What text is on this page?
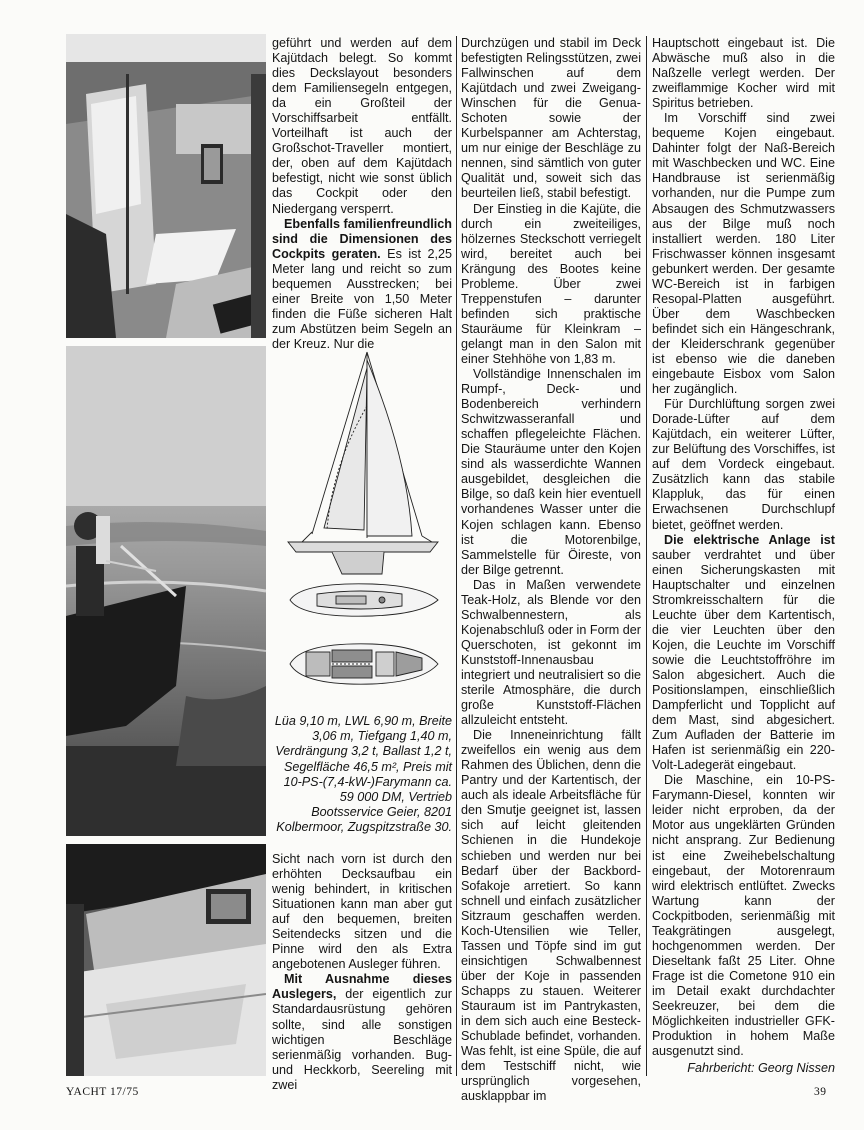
geführt und werden auf dem Kajütdach belegt. So kommt dies Deckslayout besonders dem Familiensegeln entgegen, da ein Großteil der Vorschiffsarbeit entfällt. Vorteilhaft ist auch der Großschot-Traveller montiert, der, oben auf dem Kajütdach befestigt, nicht wie sonst üblich das Cockpit oder den Niedergang versperrt.

Ebenfalls familienfreundlich sind die Dimensionen des Cockpits geraten. Es ist 2,25 Meter lang und reicht so zum bequemen Ausstrecken; bei einer Breite von 1,50 Meter finden die Füße sicheren Halt zum Abstützen beim Segeln an der Kreuz. Nur die

Lüa 9,10 m, LWL 6,90 m, Breite 3,06 m, Tiefgang 1,40 m, Verdrängung 3,2 t, Ballast 1,2 t, Segelfläche 46,5 m², Preis mit 10-PS-(7,4-kW-)Farymann ca. 59 000 DM, Vertrieb Bootsservice Geier, 8201 Kolbermoor, Zugspitzstraße 30.

Sicht nach vorn ist durch den erhöhten Decksaufbau ein wenig behindert, in kritischen Situationen kann man aber gut auf den bequemen, breiten Seitendecks sitzen und die Pinne wird den als Extra angebotenen Ausleger führen.

Mit Ausnahme dieses Auslegers, der eigentlich zur Standardausrüstung gehören sollte, sind alle sonstigen wichtigen Beschläge serienmäßig vorhanden. Bug- und Heckkorb, Seereling mit zwei

Durchzügen und stabil im Deck befestigten Relingsstützen, zwei Fallwinschen auf dem Kajütdach und zwei Zweigang-Winschen für die Genua-Schoten sowie der Kurbelspanner am Achterstag, um nur einige der Beschläge zu nennen, sind sämtlich von guter Qualität und, soweit sich das beurteilen ließ, stabil befestigt.

Der Einstieg in die Kajüte, die durch ein zweiteiliges, hölzernes Steckschott verriegelt wird, bereitet auch bei Krängung des Bootes keine Probleme. Über zwei Treppenstufen – darunter befinden sich praktische Stauräume für Kleinkram – gelangt man in den Salon mit einer Stehhöhe von 1,83 m.

Vollständige Innenschalen im Rumpf-, Deck- und Bodenbereich verhindern Schwitzwasseranfall und schaffen pflegeleichte Flächen. Die Stauräume unter den Kojen sind als wasserdichte Wannen ausgebildet, desgleichen die Bilge, so daß kein hier eventuell vorhandenes Wasser unter die Kojen schlagen kann. Ebenso ist die Motorenbilge, Sammelstelle für Öireste, von der Bilge getrennt.

Das in Maßen verwendete Teak-Holz, als Blende vor den Schwalbennestern, als Kojenabschluß oder in Form der Querschoten, ist gekonnt im Kunststoff-Innenausbau integriert und neutralisiert so die sterile Atmosphäre, die durch große Kunststoff-Flächen allzuleicht entsteht.

Die Inneneinrichtung fällt zweifellos ein wenig aus dem Rahmen des Üblichen, denn die Pantry und der Kartentisch, der auch als ideale Arbeitsfläche für den Smutje geeignet ist, lassen sich auf leicht gleitenden Schienen in die Hundekoje schieben und werden nur bei Bedarf über der Backbord-Sofakoje arretiert. So kann schnell und einfach zusätzlicher Sitzraum geschaffen werden. Koch-Utensilien wie Teller, Tassen und Töpfe sind im gut einsichtigen Schwalbennest über der Koje in passenden Schapps zu stauen. Weiterer Stauraum ist im Pantrykasten, in dem sich auch eine Besteck-Schublade befindet, vorhanden. Was fehlt, ist eine Spüle, die auf dem Testschiff nicht, wie ursprünglich vorgesehen, ausklappbar im

Hauptschott eingebaut ist. Die Abwäsche muß also in die Naßzelle verlegt werden. Der zweiflammige Kocher wird mit Spiritus betrieben.

Im Vorschiff sind zwei bequeme Kojen eingebaut. Dahinter folgt der Naß-Bereich mit Waschbecken und WC. Eine Handbrause ist serienmäßig vorhanden, nur die Pumpe zum Absaugen des Schmutzwassers aus der Bilge muß noch installiert werden. 180 Liter Frischwasser können insgesamt gebunkert werden. Der gesamte WC-Bereich ist in farbigen Resopal-Platten ausgeführt. Über dem Waschbecken befindet sich ein Hängeschrank, der Kleiderschrank gegenüber ist ebenso wie die daneben eingebaute Eisbox vom Salon her zugänglich.

Für Durchlüftung sorgen zwei Dorade-Lüfter auf dem Kajütdach, ein weiterer Lüfter, zur Belüftung des Vorschiffes, ist auf dem Vordeck eingebaut. Zusätzlich kann das stabile Klappluk, das für einen Erwachsenen Durchschlupf bietet, geöffnet werden.

Die elektrische Anlage ist sauber verdrahtet und über einen Sicherungskasten mit Hauptschalter und einzelnen Stromkreisschaltern für die Leuchte über dem Kartentisch, die vier Leuchten über den Kojen, die Leuchte im Vorschiff sowie die Leuchtstoffröhre im Salon abgesichert. Auch die Positionslampen, einschließlich Dampferlicht und Topplicht auf dem Mast, sind abgesichert. Zum Aufladen der Batterie im Hafen ist serienmäßig ein 220-Volt-Ladegerät eingebaut.

Die Maschine, ein 10-PS-Farymann-Diesel, konnten wir leider nicht erproben, da der Motor aus ungeklärten Gründen nicht ansprang. Zur Bedienung ist eine Zweihebelschaltung eingebaut, der Motorenraum wird elektrisch entlüftet. Zwecks Wartung kann der Cockpitboden, serienmäßig mit Teakgrätingen ausgelegt, hochgenommen werden. Der Dieseltank faßt 25 Liter. Ohne Frage ist die Cometone 910 ein im Detail exakt durchdachter Seekreuzer, bei dem die Möglichkeiten industrieller GFK-Produktion in hohem Maße ausgenutzt sind.

Fahrbericht: Georg Nissen
YACHT 17/75	39
